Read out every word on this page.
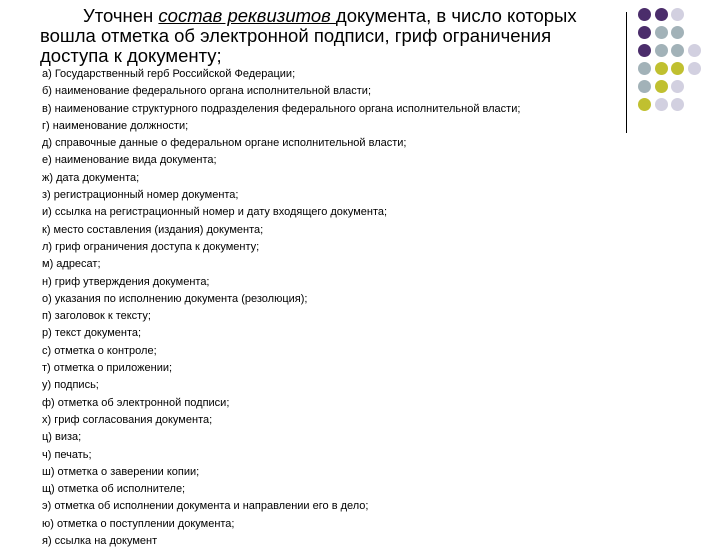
Уточнен состав реквизитов документа, в число которых вошла отметка об электронной подписи, гриф ограничения доступа к документу;
а) Государственный герб Российской Федерации;
б) наименование федерального органа исполнительной власти;
в) наименование структурного подразделения федерального органа исполнительной власти;
г) наименование должности;
д) справочные данные о федеральном органе исполнительной власти;
е) наименование вида документа;
ж) дата документа;
з) регистрационный номер документа;
и) ссылка на регистрационный номер и дату входящего документа;
к) место составления (издания) документа;
л) гриф ограничения доступа к документу;
м) адресат;
н) гриф утверждения документа;
о) указания по исполнению документа (резолюция);
п) заголовок к тексту;
р) текст документа;
с) отметка о контроле;
т) отметка о приложении;
у) подпись;
ф) отметка об электронной подписи;
х) гриф согласования документа;
ц) виза;
ч) печать;
ш) отметка о заверении копии;
щ) отметка об исполнителе;
э) отметка об исполнении документа и направлении его в дело;
ю) отметка о поступлении документа;
я) ссылка на документ
